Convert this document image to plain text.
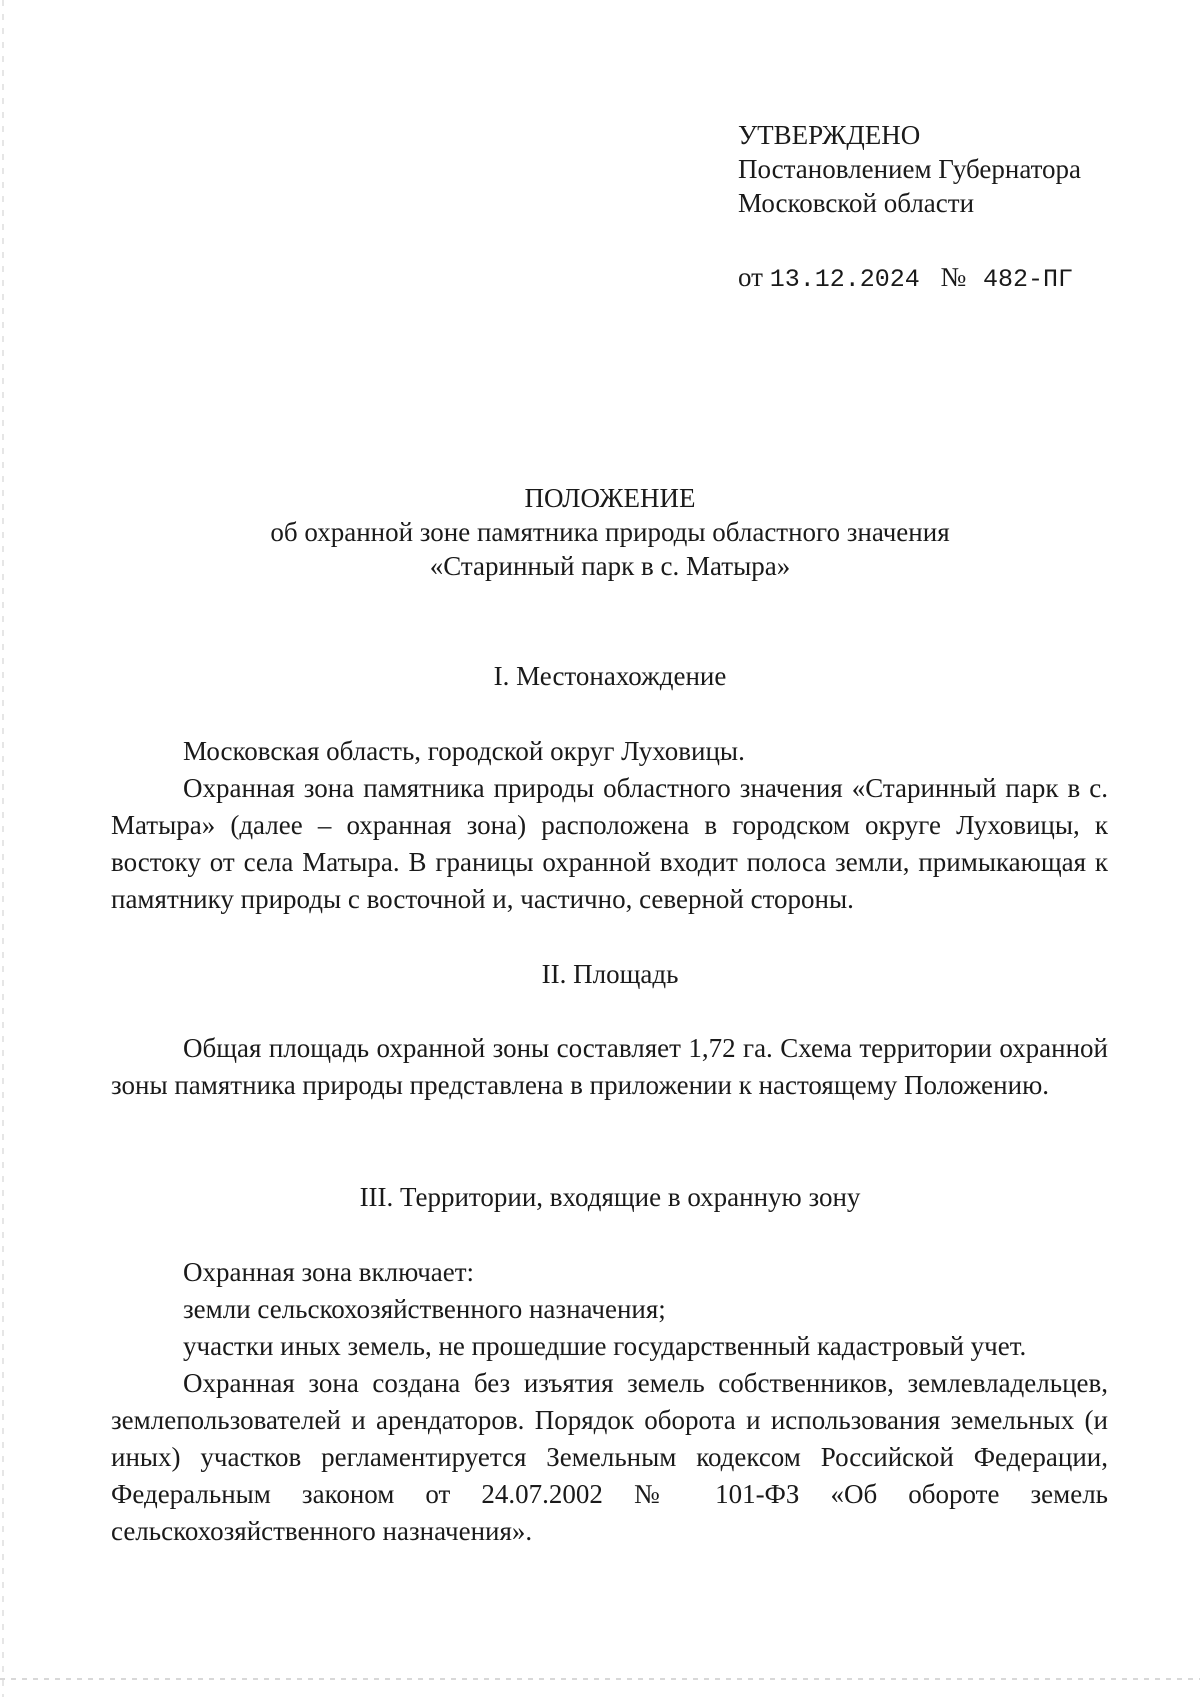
УТВЕРЖДЕНО
Постановлением Губернатора
Московской области
от 13.12.2024 № 482-ПГ
ПОЛОЖЕНИЕ
об охранной зоне памятника природы областного значения
«Старинный парк в с. Матыра»
I. Местонахождение

Московская область, городской округ Луховицы.

Охранная зона памятника природы областного значения «Старинный парк в с. Матыра» (далее – охранная зона) расположена в городском округе Луховицы, к востоку от села Матыра. В границы охранной входит полоса земли, примыкающая к памятнику природы с восточной и, частично, северной стороны.

II. Площадь

Общая площадь охранной зоны составляет 1,72 га. Схема территории охранной зоны памятника природы представлена в приложении к настоящему Положению.

III. Территории, входящие в охранную зону

Охранная зона включает:

земли сельскохозяйственного назначения;

участки иных земель, не прошедшие государственный кадастровый учет.

Охранная зона создана без изъятия земель собственников, землевладельцев, землепользователей и арендаторов. Порядок оборота и использования земельных (и иных) участков регламентируется Земельным кодексом Российской Федерации, Федеральным законом от 24.07.2002 № 101-ФЗ «Об обороте земель сельскохозяйственного назначения».
